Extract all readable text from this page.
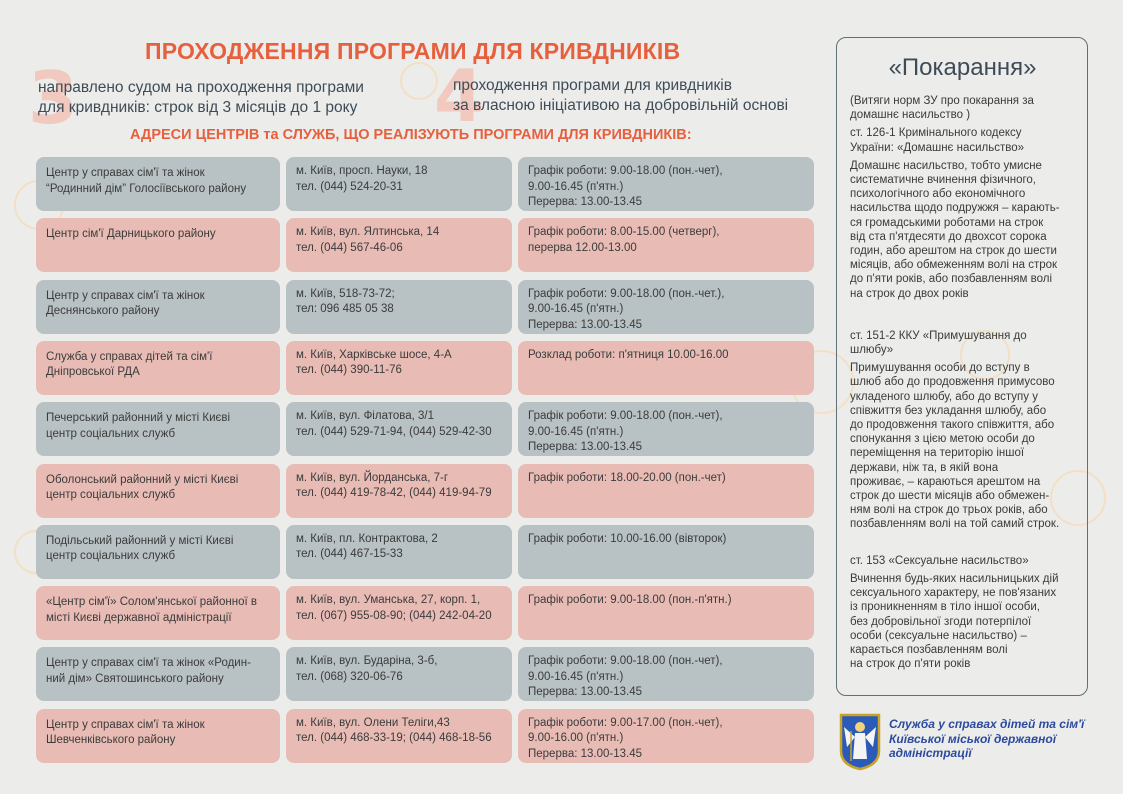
3	4
ПРОХОДЖЕННЯ ПРОГРАМИ ДЛЯ КРИВДНИКІВ
направлено судом на проходження програми
для кривдників: строк від 3 місяців до 1 року
проходження програми для кривдників
за власною ініціативою на добровільній основі
АДРЕСИ ЦЕНТРІВ та СЛУЖБ, ЩО РЕАЛІЗУЮТЬ ПРОГРАМИ ДЛЯ КРИВДНИКІВ:
Центр у справах сім'ї та жінок
“Родинний дім” Голосіївського району
м. Київ, просп. Науки, 18
тел. (044) 524-20-31
Графік роботи: 9.00-18.00 (пон.-чет),
9.00-16.45 (п'ятн.)
Перерва: 13.00-13.45
Центр сім'ї Дарницького району	м. Київ, вул. Ялтинська, 14
тел. (044) 567-46-06
Графік роботи: 8.00-15.00 (четверг),
перерва 12.00-13.00
Центр у справах сім'ї та жінок
Деснянського району
м. Київ, 518-73-72;
тел: 096 485 05 38
Графік роботи: 9.00-18.00 (пон.-чет.),
9.00-16.45 (п'ятн.)
Перерва: 13.00-13.45
Служба у справах дітей та сім'ї
Дніпровської РДА
м. Київ, Харківське шосе, 4-А
тел. (044) 390-11-76
Розклад роботи: п'ятниця 10.00-16.00
Печерський районний у місті Києві
центр соціальних служб
м. Київ, вул. Філатова, 3/1
тел. (044) 529-71-94, (044) 529-42-30
Графік роботи: 9.00-18.00 (пон.-чет),
9.00-16.45 (п'ятн.)
Перерва: 13.00-13.45
Оболонський районний у місті Києві
центр соціальних служб
м. Київ, вул. Йорданська, 7-г
тел. (044) 419-78-42, (044) 419-94-79
Графік роботи: 18.00-20.00 (пон.-чет)
Подільський районний у місті Києві
центр соціальних служб
м. Київ, пл. Контрактова, 2
тел. (044) 467-15-33
Графік роботи: 10.00-16.00 (вівторок)
«Центр сім'ї» Солом'янської районної в
місті Києві державної адміністрації
м. Київ, вул. Уманська, 27, корп. 1,
тел. (067) 955-08-90; (044) 242-04-20
Графік роботи: 9.00-18.00 (пон.-п'ятн.)
Центр у справах сім'ї та жінок «Родин-
ний дім» Святошинського району
м. Київ, вул. Бударіна, 3-б,
тел. (068) 320-06-76
Графік роботи: 9.00-18.00 (пон.-чет),
9.00-16.45 (п'ятн.)
Перерва: 13.00-13.45
Центр у справах сім'ї та жінок
Шевченківського району
м. Київ, вул. Олени Теліги,43
тел. (044) 468-33-19; (044) 468-18-56
Графік роботи: 9.00-17.00 (пон.-чет),
9.00-16.00 (п'ятн.)
Перерва: 13.00-13.45
«Покарання»

(Витяги норм ЗУ про покарання за
домашнє насильство )

ст. 126-1 Кримінального кодексу
України: «Домашнє насильство»

Домашнє насильство, тобто умисне
систематичне вчинення фізичного,
психологічного або економічного
насильства щодо подружжя – карають-
ся громадськими роботами на строк
від ста п'ятдесяти до двохсот сорока
годин, або арештом на строк до шести
місяців, або обмеженням волі на строк
до п'яти років, або позбавленням волі
на строк до двох років

ст. 151-2 ККУ «Примушування до
шлюбу»

Примушування особи до вступу в
шлюб або до продовження примусово
укладеного шлюбу, або до вступу у
співжиття без укладання шлюбу, або
до продовження такого співжиття, або
спонукання з цією метою особи до
переміщення на територію іншої
держави, ніж та, в якій вона
проживає, – караються арештом на
строк до шести місяців або обмежен-
ням волі на строк до трьох років, або
позбавленням волі на той самий строк.

ст. 153 «Сексуальне насильство»

Вчинення будь-яких насильницьких дій
сексуального характеру, не пов'язаних
із проникненням в тіло іншої особи,
без добровільної згоди потерпілої
особи (сексуальне насильство) –
карається позбавленням волі
на строк до п'яти років

Служба у справах дітей та сім'ї
Київської міської державної
адміністрації
